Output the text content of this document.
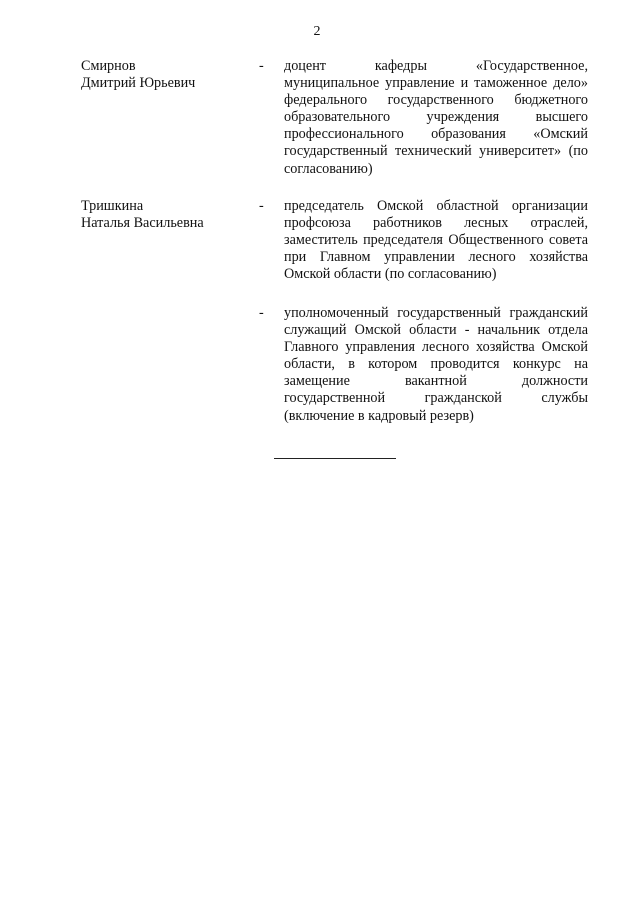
2
Смирнов
Дмитрий Юрьевич
- доцент кафедры «Государственное, муниципальное управление и таможенное дело» федерального государственного бюджетного образовательного учреждения высшего профессионального образования «Омский государственный технический университет» (по согласованию)
Тришкина
Наталья Васильевна
- председатель Омской областной организации профсоюза работников лесных отраслей, заместитель председателя Общественного совета при Главном управлении лесного хозяйства Омской области (по согласованию)
- уполномоченный государственный гражданский служащий Омской области - начальник отдела Главного управления лесного хозяйства Омской области, в котором проводится конкурс на замещение вакантной должности государственной гражданской службы (включение в кадровый резерв)
